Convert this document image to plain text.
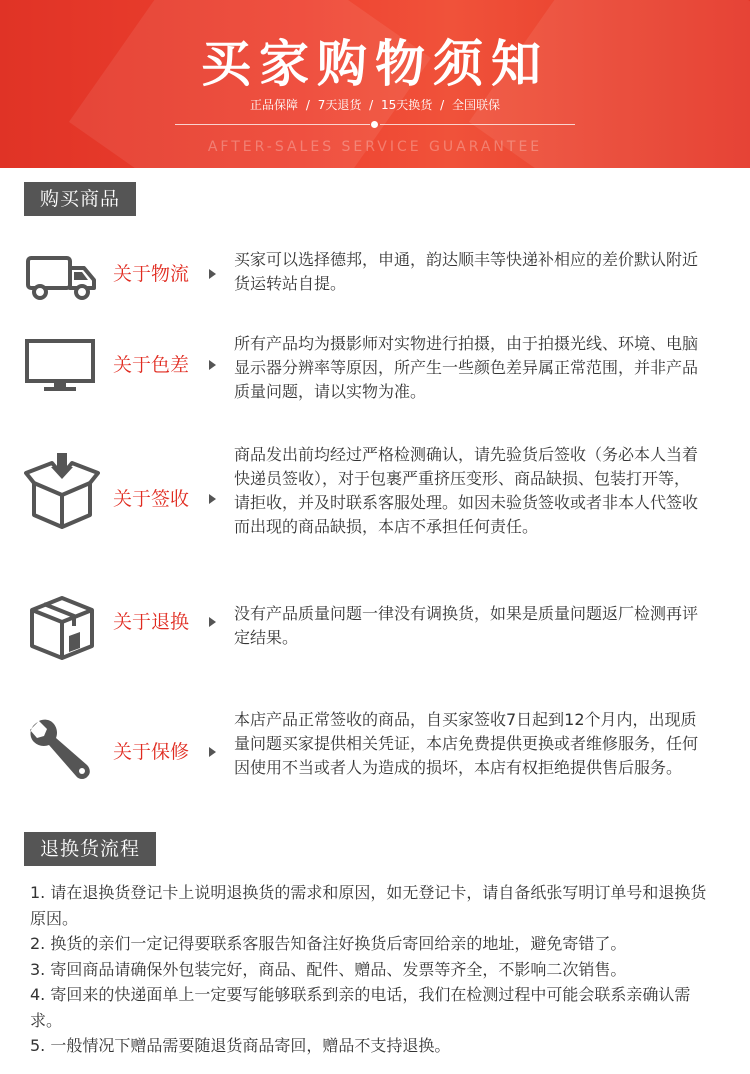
买家购物须知
正品保障 / 7天退货 / 15天换货 / 全国联保
AFTER-SALES SERVICE GUARANTEE
购买商品
关于物流
买家可以选择德邦，申通，韵达顺丰等快递补相应的差价默认附近货运转站自提。
关于色差
所有产品均为摄影师对实物进行拍摄，由于拍摄光线、环境、电脑显示器分辨率等原因，所产生一些颜色差异属正常范围，并非产品质量问题，请以实物为准。
关于签收
商品发出前均经过严格检测确认，请先验货后签收（务必本人当着快递员签收），对于包裹严重挤压变形、商品缺损、包装打开等，请拒收，并及时联系客服处理。如因未验货签收或者非本人代签收而出现的商品缺损，本店不承担任何责任。
关于退换	没有产品质量问题一律没有调换货，如果是质量问题返厂检测再评定结果。
关于保修
本店产品正常签收的商品，自买家签收7日起到12个月内，出现质量问题买家提供相关凭证，本店免费提供更换或者维修服务，任何因使用不当或者人为造成的损坏，本店有权拒绝提供售后服务。
退换货流程
1. 请在退换货登记卡上说明退换货的需求和原因，如无登记卡，请自备纸张写明订单号和退换货原因。
2. 换货的亲们一定记得要联系客服告知备注好换货后寄回给亲的地址，避免寄错了。
3. 寄回商品请确保外包装完好，商品、配件、赠品、发票等齐全，不影响二次销售。
4. 寄回来的快递面单上一定要写能够联系到亲的电话，我们在检测过程中可能会联系亲确认需求。
5. 一般情况下赠品需要随退货商品寄回，赠品不支持退换。
